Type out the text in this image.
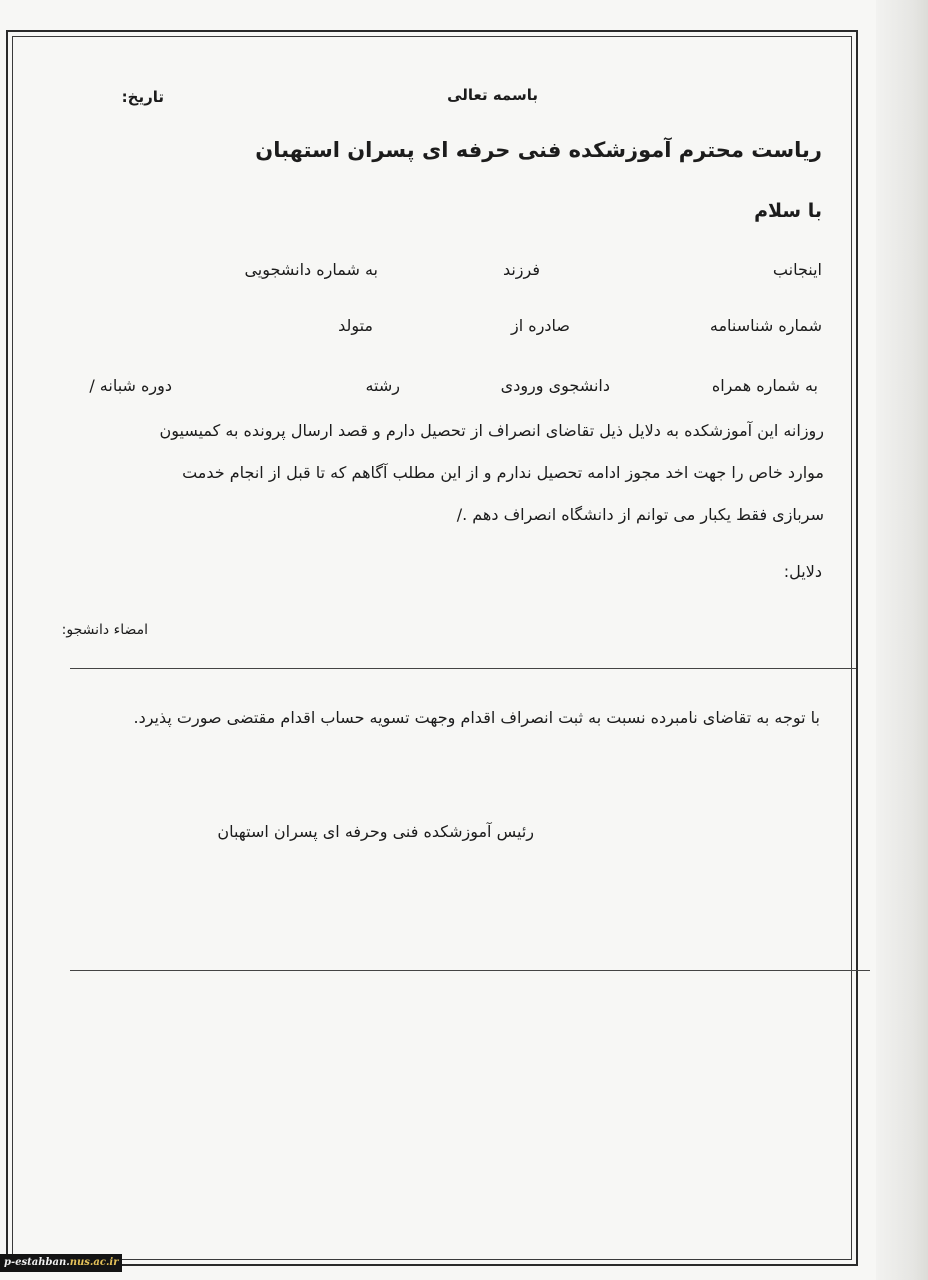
باسمه تعالی
تاریخ:
ریاست محترم آموزشکده فنی حرفه ای پسران استهبان
با سلام
اینجانب
فرزند
به شماره دانشجویی
شماره شناسنامه
صادره از
متولد
به شماره همراه
دانشجوی ورودی
رشته
دوره شبانه /
روزانه این آموزشکده به دلایل ذیل تقاضای انصراف از تحصیل دارم و قصد ارسال پرونده به کمیسیون
موارد خاص را جهت اخد مجوز ادامه تحصیل ندارم و از این مطلب آگاهم که تا قبل از انجام خدمت
سربازی فقط یکبار می توانم از دانشگاه انصراف دهم ./
دلایل:
امضاء دانشجو:
با توجه به تقاضای نامبرده نسبت به ثبت انصراف اقدام وجهت تسویه حساب اقدام مقتضی صورت پذیرد.
رئیس آموزشکده فنی وحرفه ای پسران استهبان
p-estahban.nus.ac.ir
